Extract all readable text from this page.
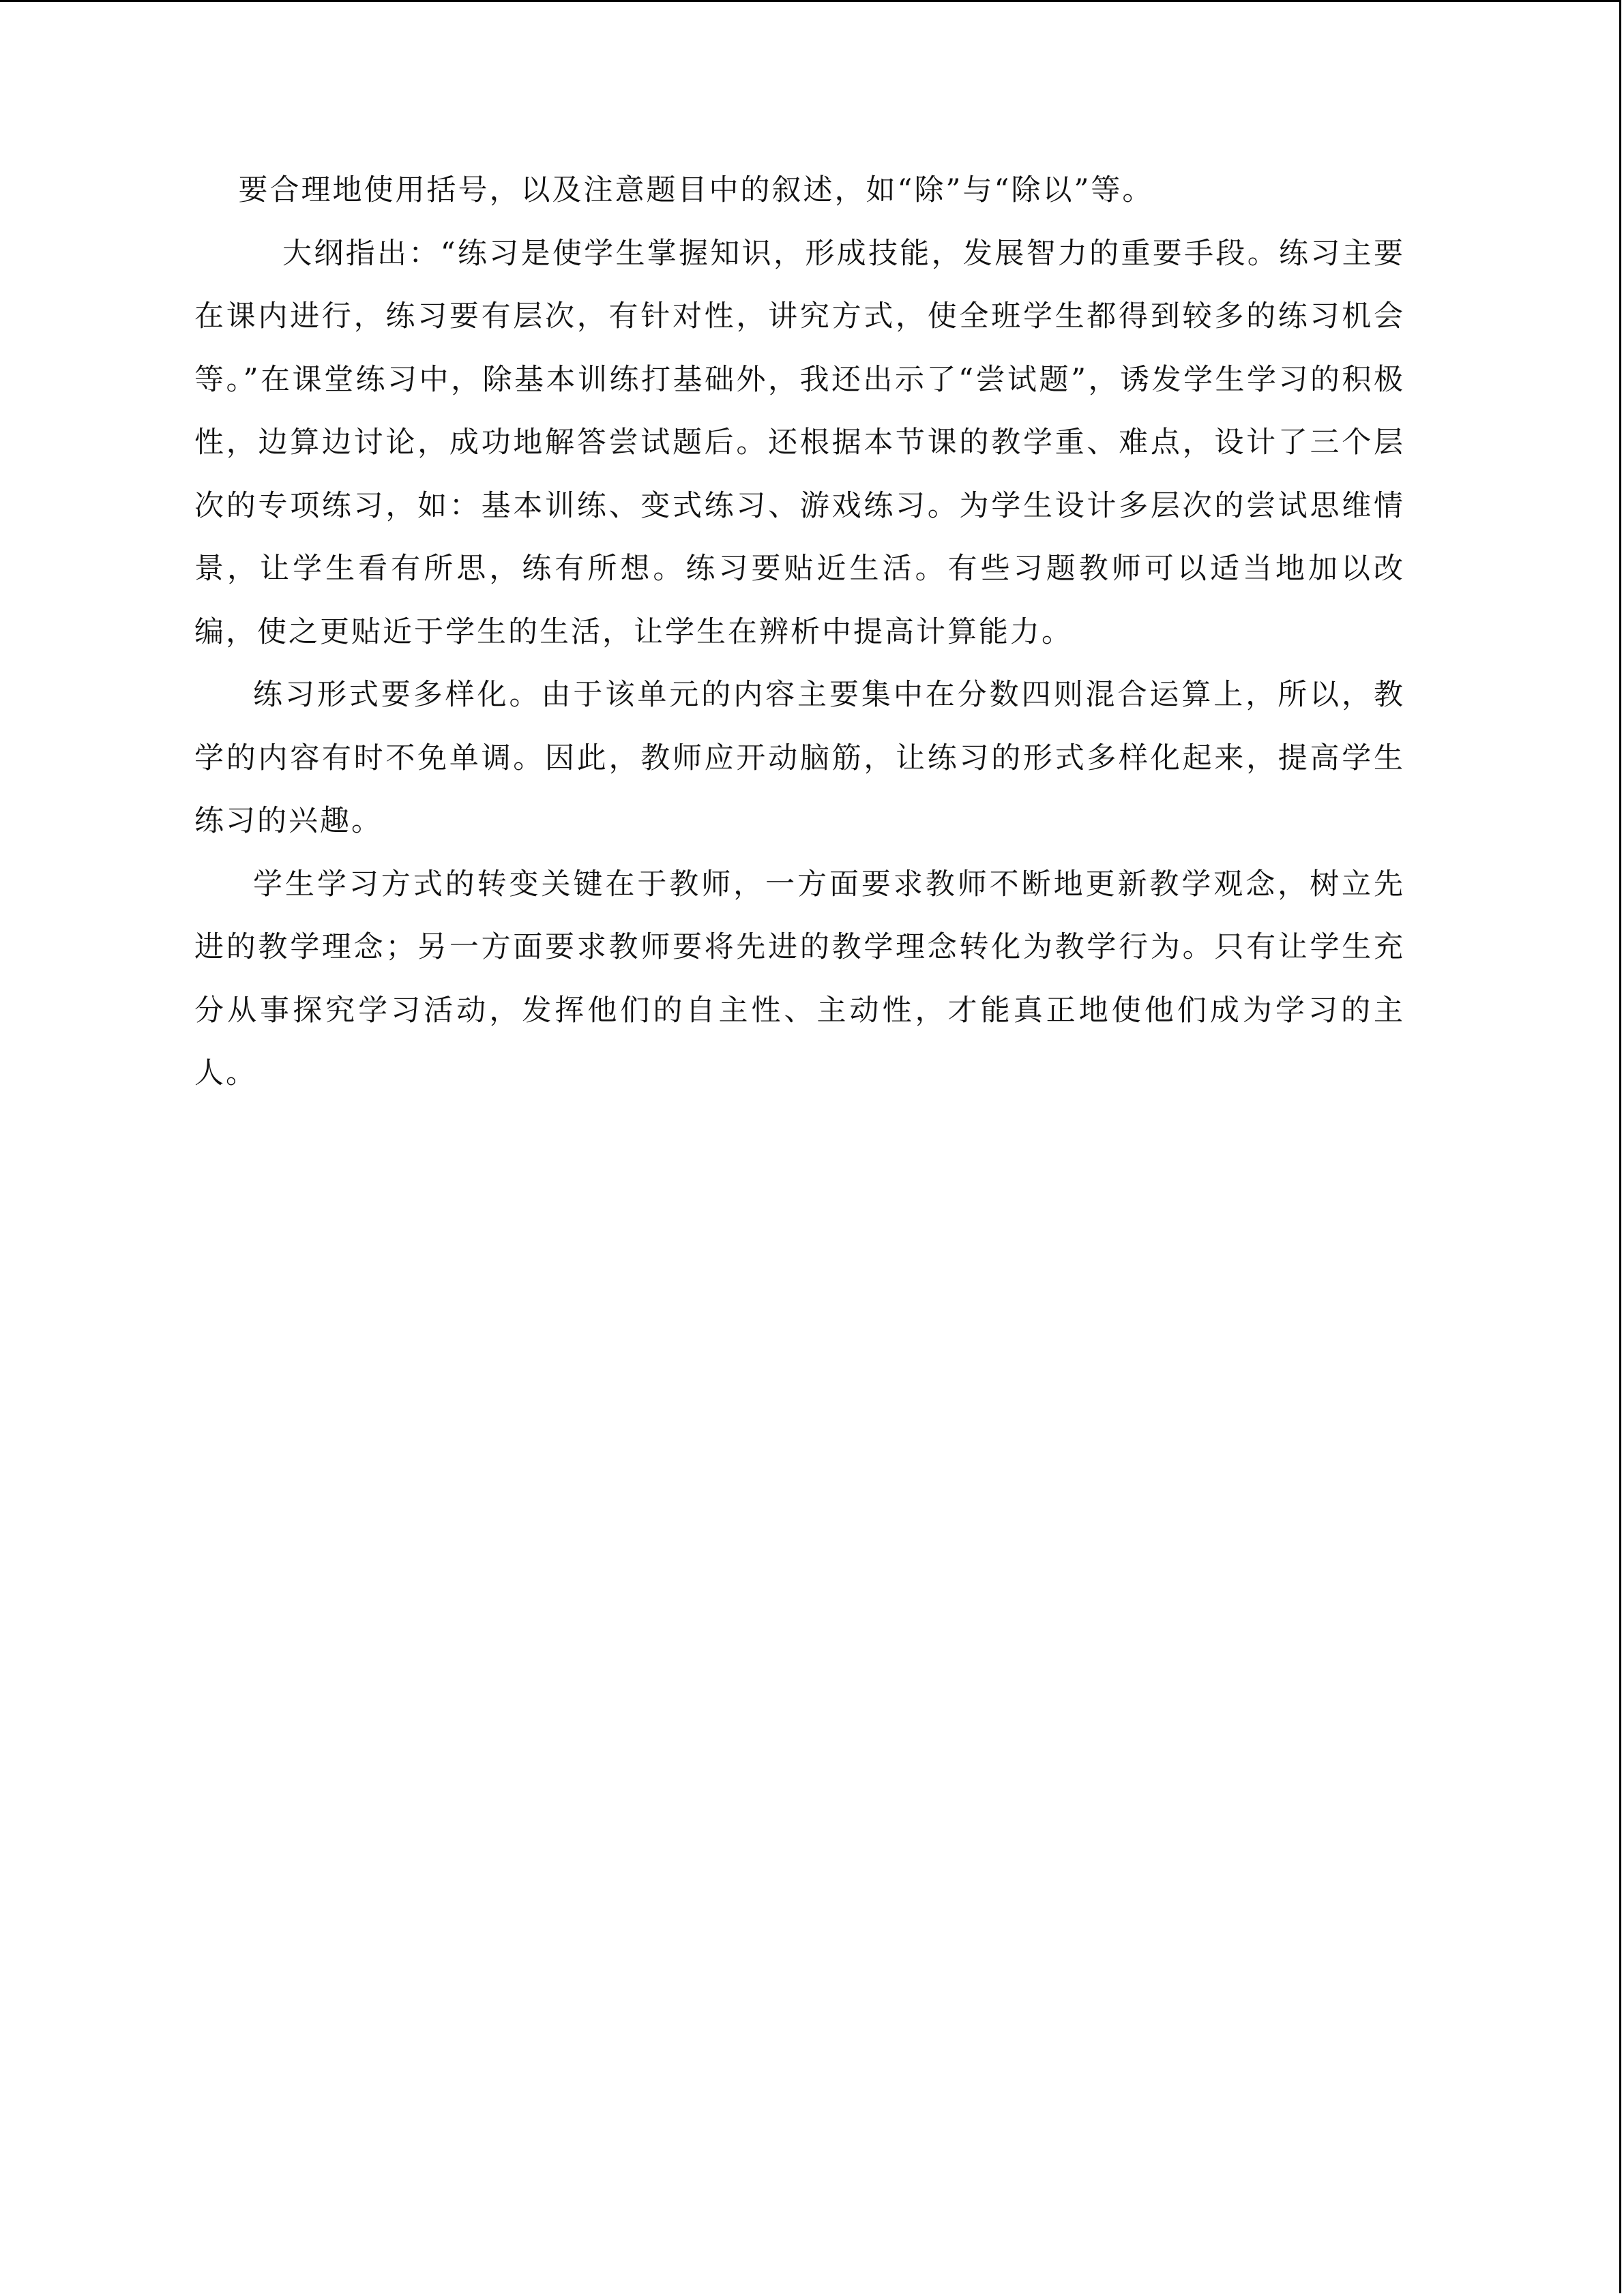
要合理地使用括号，以及注意题目中的叙述，如“除”与“除以”等。

大纲指出：“练习是使学生掌握知识，形成技能，发展智力的重要手段。练习主要在课内进行，练习要有层次，有针对性，讲究方式，使全班学生都得到较多的练习机会等。”在课堂练习中，除基本训练打基础外，我还出示了“尝试题”，诱发学生学习的积极性，边算边讨论，成功地解答尝试题后。还根据本节课的教学重、难点，设计了三个层次的专项练习，如：基本训练、变式练习、游戏练习。为学生设计多层次的尝试思维情景，让学生看有所思，练有所想。练习要贴近生活。有些习题教师可以适当地加以改编，使之更贴近于学生的生活，让学生在辨析中提高计算能力。

练习形式要多样化。由于该单元的内容主要集中在分数四则混合运算上，所以，教学的内容有时不免单调。因此，教师应开动脑筋，让练习的形式多样化起来，提高学生练习的兴趣。

学生学习方式的转变关键在于教师，一方面要求教师不断地更新教学观念，树立先进的教学理念；另一方面要求教师要将先进的教学理念转化为教学行为。只有让学生充分从事探究学习活动，发挥他们的自主性、主动性，才能真正地使他们成为学习的主人。
